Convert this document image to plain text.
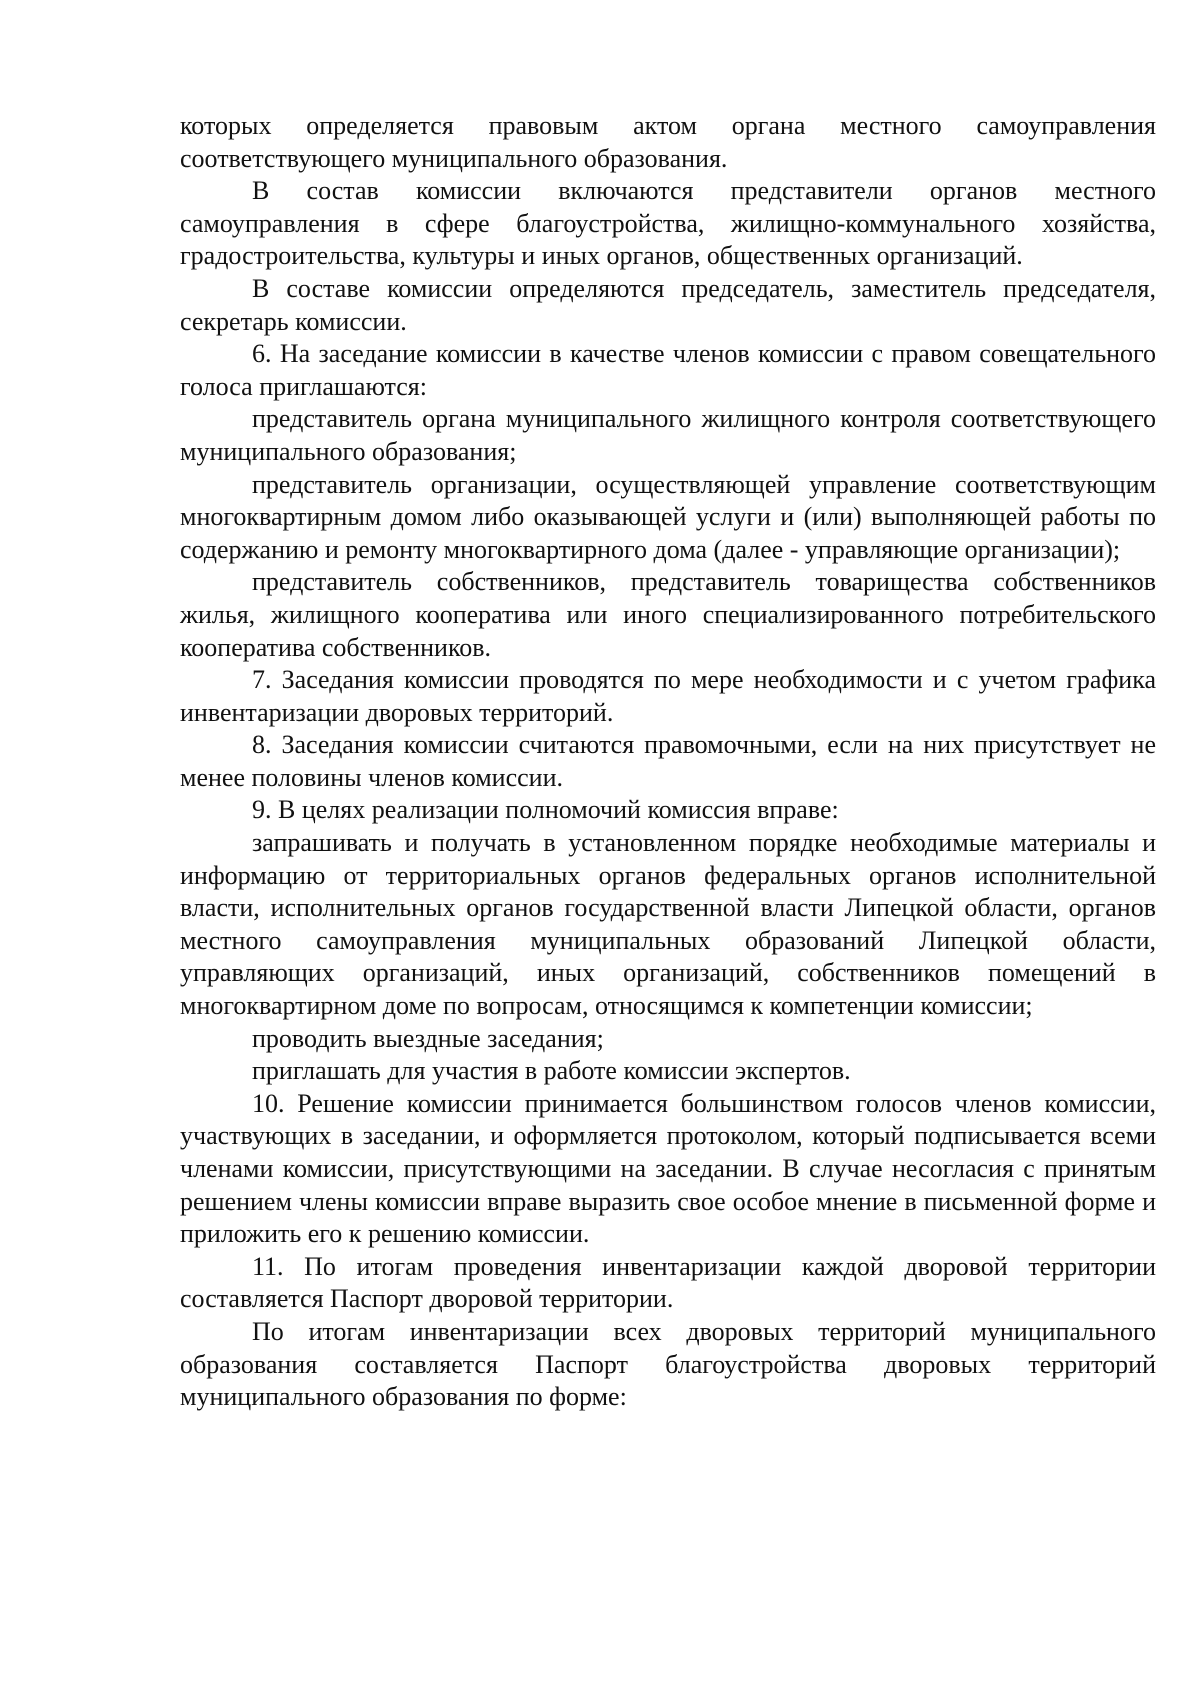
которых определяется правовым актом органа местного самоуправления соответствующего муниципального образования.

В состав комиссии включаются представители органов местного самоуправления в сфере благоустройства, жилищно-коммунального хозяйства, градостроительства, культуры и иных органов, общественных организаций.

В составе комиссии определяются председатель, заместитель председателя, секретарь комиссии.

6. На заседание комиссии в качестве членов комиссии с правом совещательного голоса приглашаются:

представитель органа муниципального жилищного контроля соответствующего муниципального образования;

представитель организации, осуществляющей управление соответствующим многоквартирным домом либо оказывающей услуги и (или) выполняющей работы по содержанию и ремонту многоквартирного дома (далее - управляющие организации);

представитель собственников, представитель товарищества собственников жилья, жилищного кооператива или иного специализированного потребительского кооператива собственников.

7. Заседания комиссии проводятся по мере необходимости и с учетом графика инвентаризации дворовых территорий.

8. Заседания комиссии считаются правомочными, если на них присутствует не менее половины членов комиссии.

9. В целях реализации полномочий комиссия вправе:

запрашивать и получать в установленном порядке необходимые материалы и информацию от территориальных органов федеральных органов исполнительной власти, исполнительных органов государственной власти Липецкой области, органов местного самоуправления муниципальных образований Липецкой области, управляющих организаций, иных организаций, собственников помещений в многоквартирном доме по вопросам, относящимся к компетенции комиссии;

проводить выездные заседания;

приглашать для участия в работе комиссии экспертов.

10. Решение комиссии принимается большинством голосов членов комиссии, участвующих в заседании, и оформляется протоколом, который подписывается всеми членами комиссии, присутствующими на заседании. В случае несогласия с принятым решением члены комиссии вправе выразить свое особое мнение в письменной форме и приложить его к решению комиссии.

11. По итогам проведения инвентаризации каждой дворовой территории составляется Паспорт дворовой территории.

По итогам инвентаризации всех дворовых территорий муниципального образования составляется Паспорт благоустройства дворовых территорий муниципального образования по форме:
